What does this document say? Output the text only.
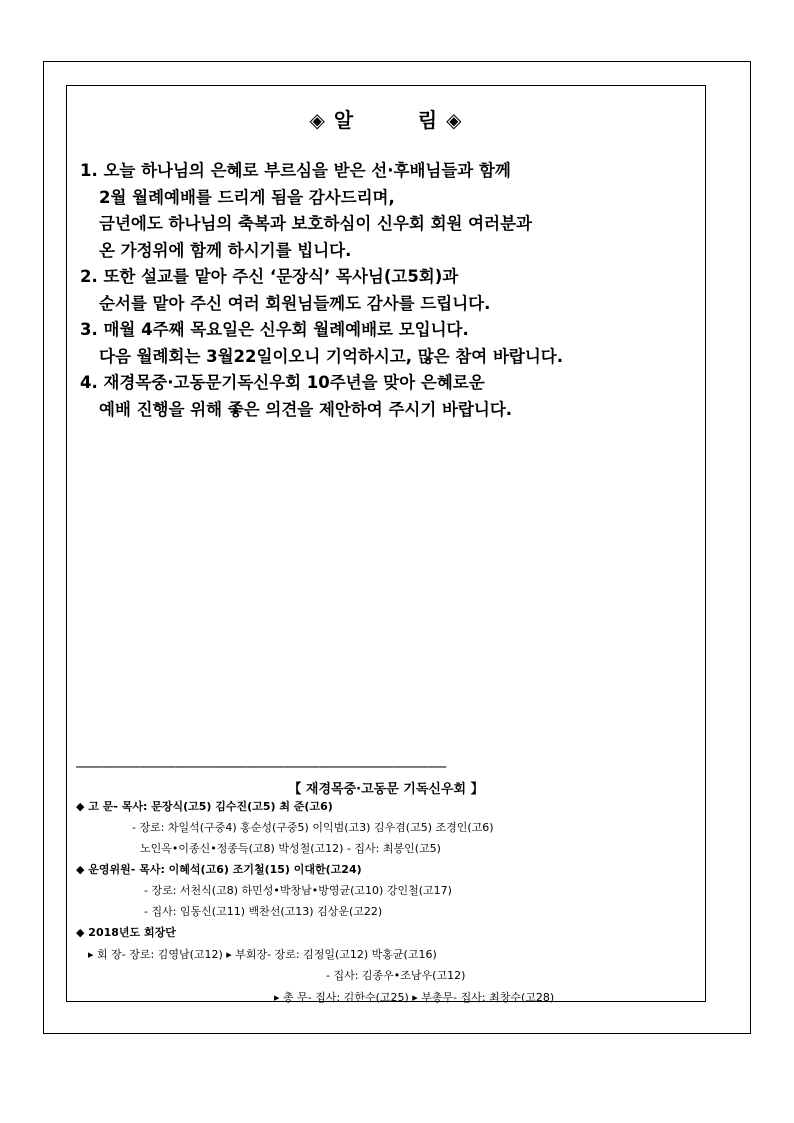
◈ 알        림 ◈
1. 오늘 하나님의 은혜로 부르심을 받은 선·후배님들과 함께
2월 월례예배를 드리게 됨을 감사드리며,
금년에도 하나님의 축복과 보호하심이 신우회 회원 여러분과
온 가정위에 함께 하시기를 빕니다.
2. 또한 설교를 맡아 주신 ‘문장식’ 목사님(고5회)과
순서를 맡아 주신 여러 회원님들께도 감사를 드립니다.
3. 매월 4주째 목요일은 신우회 월례예배로 모입니다.
다음 월례회는 3월22일이오니 기억하시고, 많은 참여 바랍니다.
4. 재경목중·고동문기독신우회 10주년을 맞아 은혜로운
예배 진행을 위해 좋은 의견을 제안하여 주시기 바랍니다.
—————————————————————————————————————————
【 재경목중·고동문 기독신우회 】
◆ 고 문- 목사: 문장식(고5) 김수진(고5) 최 준(고6)
- 장로: 차일석(구중4) 홍순성(구중5) 이익범(고3) 김우겸(고5) 조경인(고6)
노인옥•이종신•정종득(고8) 박성철(고12) - 집사: 최봉인(고5)
◆ 운영위원- 목사: 이혜석(고6) 조기철(15) 이대한(고24)
- 장로: 서천식(고8) 하민성•박창남•방영균(고10) 강인철(고17)
- 집사: 임동신(고11) 백찬선(고13) 김상운(고22)
◆ 2018년도 회장단
▸ 회 장- 장로: 김영남(고12) ▸ 부회장- 장로: 김정일(고12) 박홍균(고16)
- 집사: 김종우•조남우(고12)
▸ 총 무- 집사: 김한수(고25) ▸ 부총무- 집사: 최창수(고28)
